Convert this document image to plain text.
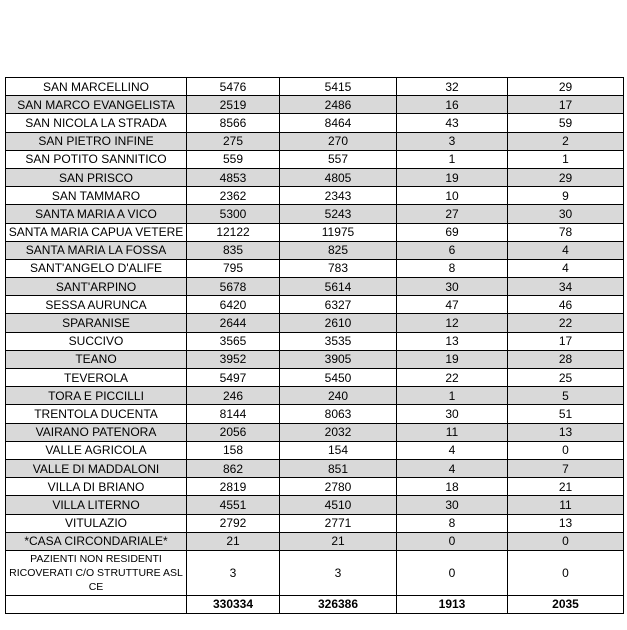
SAN MARCELLINO	5476	5415	32	29
SAN MARCO EVANGELISTA	2519	2486	16	17
SAN NICOLA LA STRADA	8566	8464	43	59
SAN PIETRO INFINE	275	270	3	2
SAN POTITO SANNITICO	559	557	1	1
SAN PRISCO	4853	4805	19	29
SAN TAMMARO	2362	2343	10	9
SANTA MARIA A VICO	5300	5243	27	30
SANTA MARIA CAPUA VETERE	12122	11975	69	78
SANTA MARIA LA FOSSA	835	825	6	4
SANT'ANGELO D'ALIFE	795	783	8	4
SANT'ARPINO	5678	5614	30	34
SESSA AURUNCA	6420	6327	47	46
SPARANISE	2644	2610	12	22
SUCCIVO	3565	3535	13	17
TEANO	3952	3905	19	28
TEVEROLA	5497	5450	22	25
TORA E PICCILLI	246	240	1	5
TRENTOLA DUCENTA	8144	8063	30	51
VAIRANO PATENORA	2056	2032	11	13
VALLE AGRICOLA	158	154	4	0
VALLE DI MADDALONI	862	851	4	7
VILLA DI BRIANO	2819	2780	18	21
VILLA LITERNO	4551	4510	30	11
VITULAZIO	2792	2771	8	13
*CASA CIRCONDARIALE*	21	21	0	0
PAZIENTI NON RESIDENTI RICOVERATI C/O STRUTTURE ASL CE	3	3	0	0
	330334	326386	1913	2035
